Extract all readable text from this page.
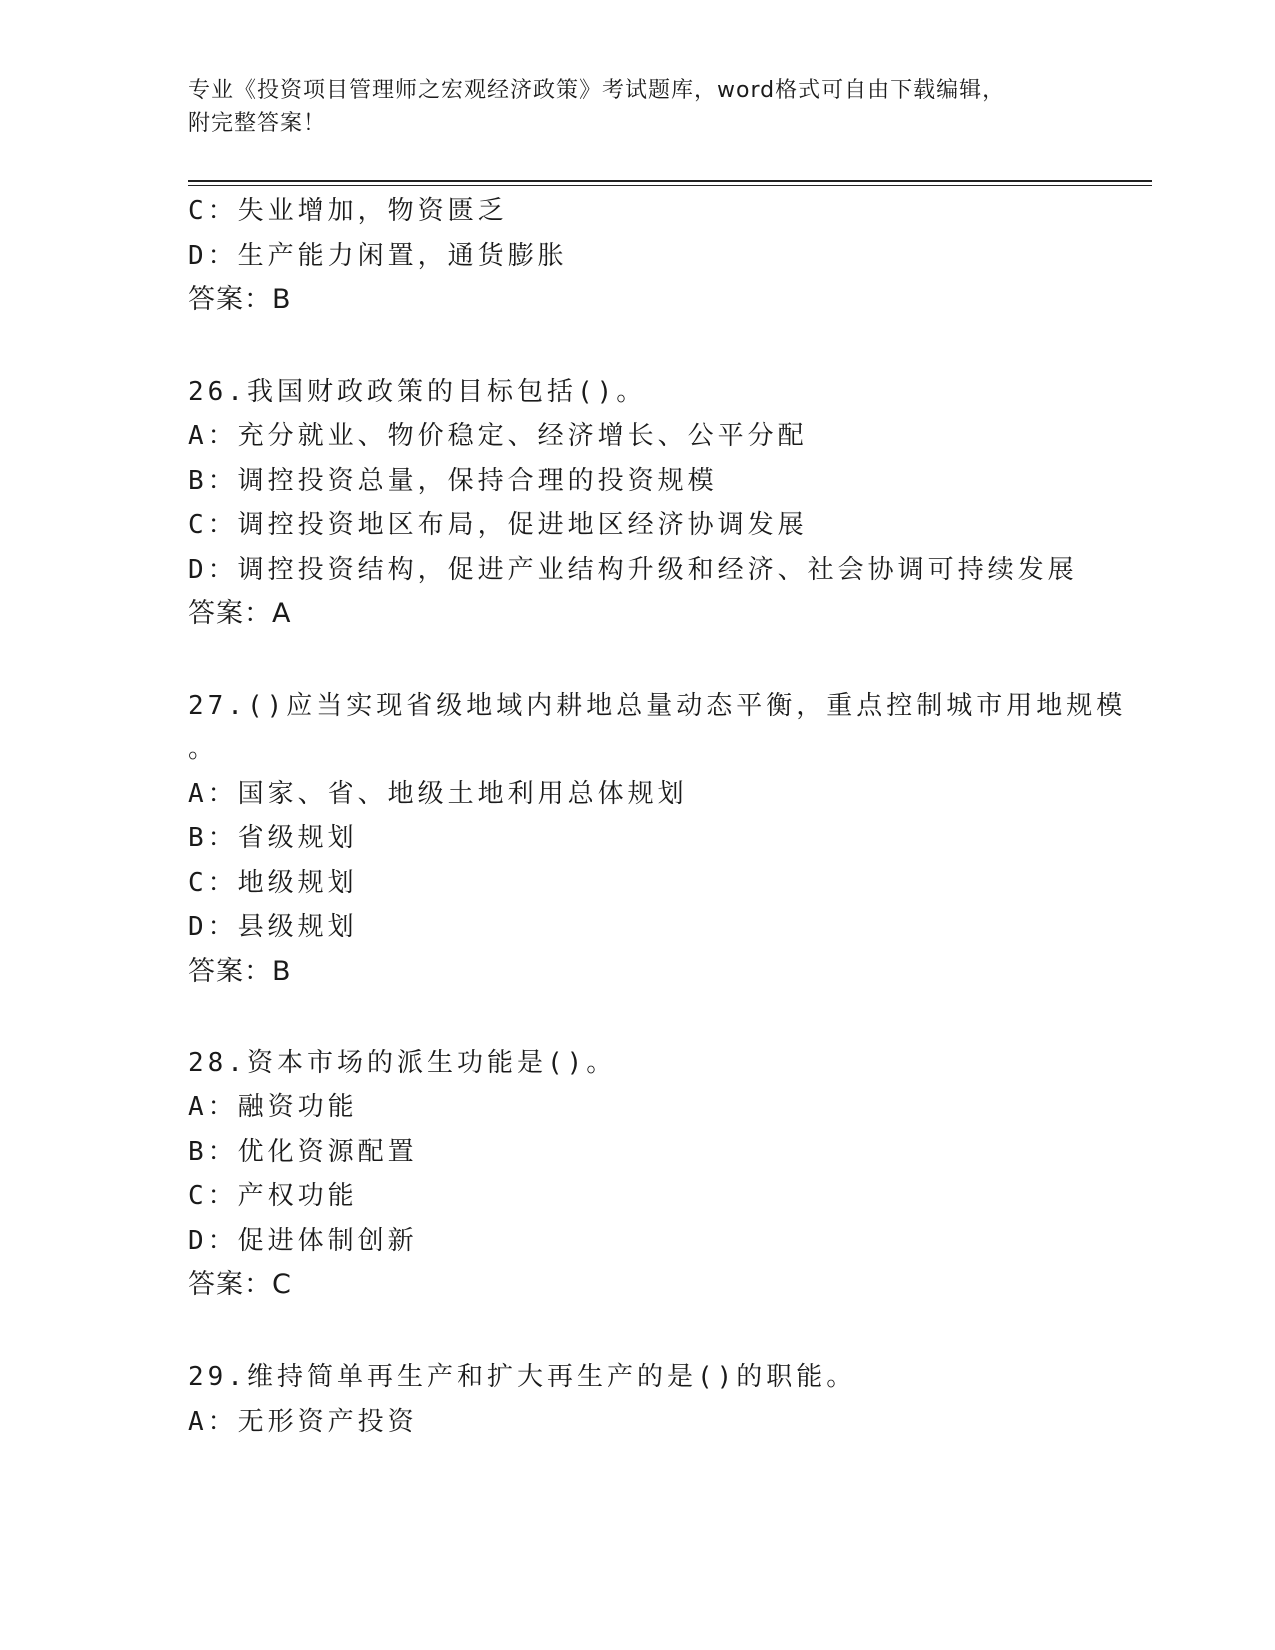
专业《投资项目管理师之宏观经济政策》考试题库，word格式可自由下载编辑，
附完整答案！
C：失业增加，物资匮乏
D：生产能力闲置，通货膨胀
答案：B
26.我国财政政策的目标包括()。
A：充分就业、物价稳定、经济增长、公平分配
B：调控投资总量，保持合理的投资规模
C：调控投资地区布局，促进地区经济协调发展
D：调控投资结构，促进产业结构升级和经济、社会协调可持续发展
答案：A
27.()应当实现省级地域内耕地总量动态平衡，重点控制城市用地规模
。
A：国家、省、地级土地利用总体规划
B：省级规划
C：地级规划
D：县级规划
答案：B
28.资本市场的派生功能是()。
A：融资功能
B：优化资源配置
C：产权功能
D：促进体制创新
答案：C
29.维持简单再生产和扩大再生产的是()的职能。
A：无形资产投资
